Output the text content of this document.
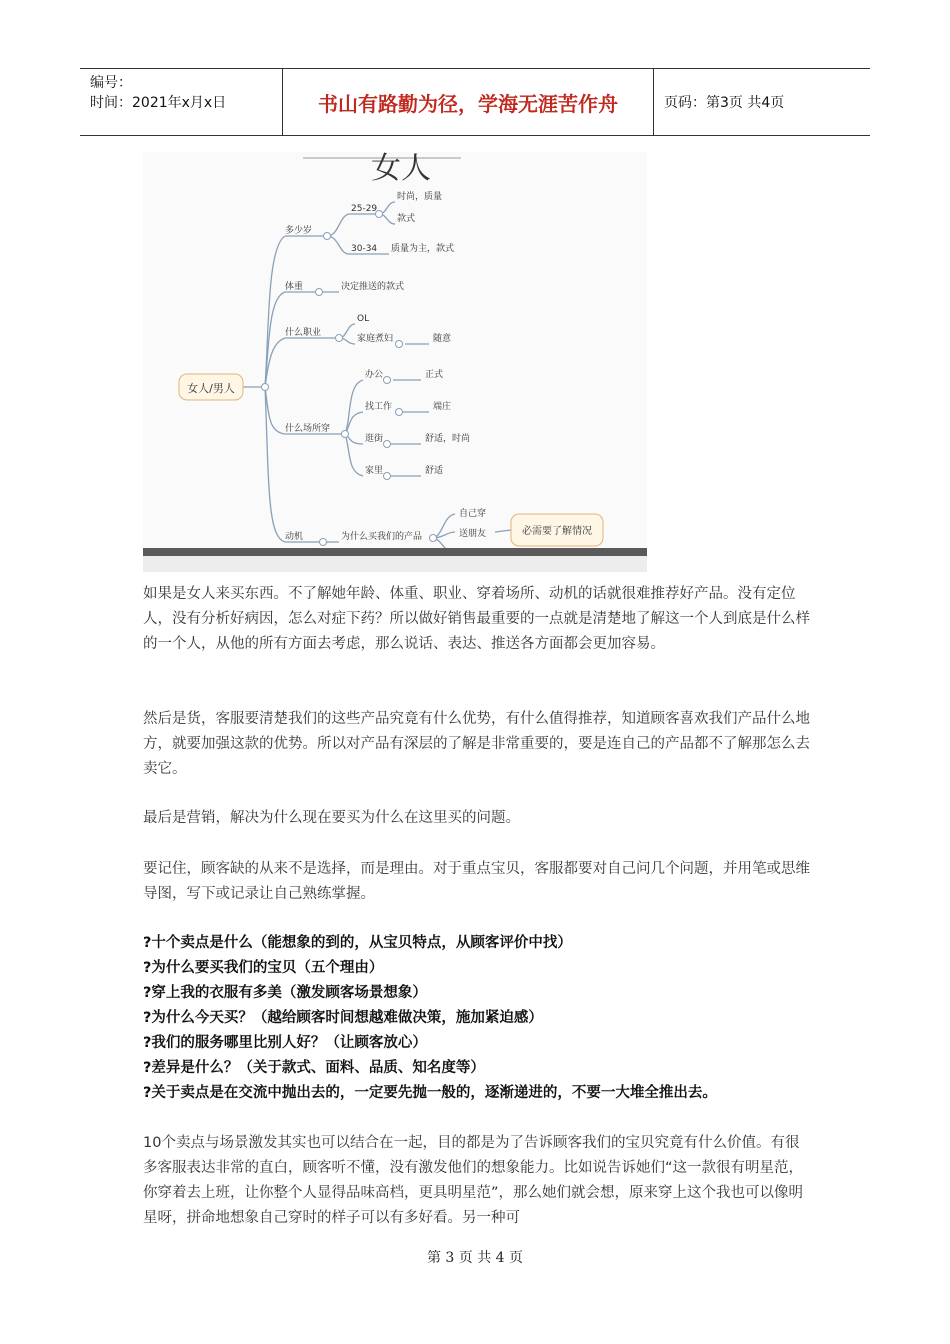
编号：
时间：2021年x月x日	书山有路勤为径，学海无涯苦作舟	页码：第3页 共4页
女人
女人/男人
必需要了解情况
多少岁
25-29
时尚，质量
款式
30-34 质量为主，款式
体重	决定推送的款式
什么职业
OL
家庭煮妇	随意
什么场所穿
办公	正式
找工作	端庄
逛街	舒适，时尚
家里	舒适
动机	为什么买我们的产品
自己穿
送朋友

如果是女人来买东西。不了解她年龄、体重、职业、穿着场所、动机的话就很难推荐好产品。没有定位人，没有分析好病因，怎么对症下药？所以做好销售最重要的一点就是清楚地了解这一个人到底是什么样的一个人，从他的所有方面去考虑，那么说话、表达、推送各方面都会更加容易。

然后是货，客服要清楚我们的这些产品究竟有什么优势，有什么值得推荐，知道顾客喜欢我们产品什么地方，就要加强这款的优势。所以对产品有深层的了解是非常重要的，要是连自己的产品都不了解那怎么去卖它。

最后是营销，解决为什么现在要买为什么在这里买的问题。

要记住，顾客缺的从来不是选择，而是理由。对于重点宝贝，客服都要对自己问几个问题，并用笔或思维导图，写下或记录让自己熟练掌握。

?十个卖点是什么（能想象的到的，从宝贝特点，从顾客评价中找）

?为什么要买我们的宝贝（五个理由）

?穿上我的衣服有多美（激发顾客场景想象）

?为什么今天买？（越给顾客时间想越难做决策，施加紧迫感）

?我们的服务哪里比别人好？（让顾客放心）

?差异是什么？（关于款式、面料、品质、知名度等）

?关于卖点是在交流中抛出去的，一定要先抛一般的，逐渐递进的，不要一大堆全推出去。

10个卖点与场景激发其实也可以结合在一起，目的都是为了告诉顾客我们的宝贝究竟有什么价值。有很多客服表达非常的直白，顾客听不懂，没有激发他们的想象能力。比如说告诉她们“这一款很有明星范，你穿着去上班，让你整个人显得品味高档，更具明星范”，那么她们就会想，原来穿上这个我也可以像明星呀，拼命地想象自己穿时的样子可以有多好看。另一种可

第 3 页 共 4 页
